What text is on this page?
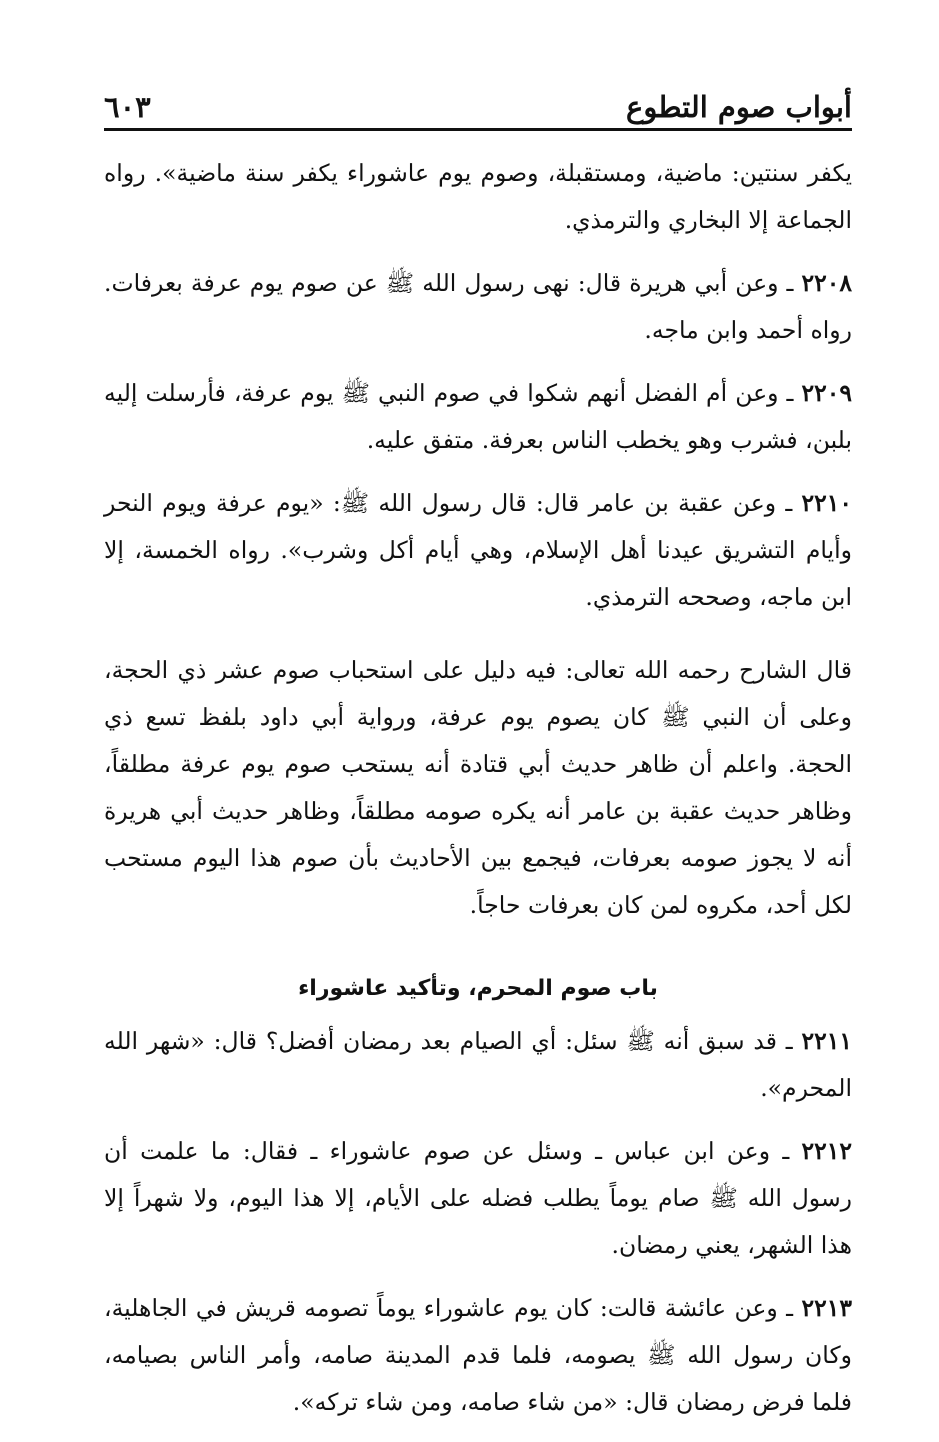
أبواب صوم التطوع
٦٠٣

يكفر سنتين: ماضية، ومستقبلة، وصوم يوم عاشوراء يكفر سنة ماضية». رواه الجماعة إلا البخاري والترمذي.

٢٢٠٨ ـ وعن أبي هريرة قال: نهى رسول الله ﷺ عن صوم يوم عرفة بعرفات. رواه أحمد وابن ماجه.

٢٢٠٩ ـ وعن أم الفضل أنهم شكوا في صوم النبي ﷺ يوم عرفة، فأرسلت إليه بلبن، فشرب وهو يخطب الناس بعرفة. متفق عليه.

٢٢١٠ ـ وعن عقبة بن عامر قال: قال رسول الله ﷺ: «يوم عرفة ويوم النحر وأيام التشريق عيدنا أهل الإسلام، وهي أيام أكل وشرب». رواه الخمسة، إلا ابن ماجه، وصححه الترمذي.

قال الشارح رحمه الله تعالى: فيه دليل على استحباب صوم عشر ذي الحجة، وعلى أن النبي ﷺ كان يصوم يوم عرفة، ورواية أبي داود بلفظ تسع ذي الحجة. واعلم أن ظاهر حديث أبي قتادة أنه يستحب صوم يوم عرفة مطلقاً، وظاهر حديث عقبة بن عامر أنه يكره صومه مطلقاً، وظاهر حديث أبي هريرة أنه لا يجوز صومه بعرفات، فيجمع بين الأحاديث بأن صوم هذا اليوم مستحب لكل أحد، مكروه لمن كان بعرفات حاجاً.

باب صوم المحرم، وتأكيد عاشوراء

٢٢١١ ـ قد سبق أنه ﷺ سئل: أي الصيام بعد رمضان أفضل؟ قال: «شهر الله المحرم».

٢٢١٢ ـ وعن ابن عباس ـ وسئل عن صوم عاشوراء ـ فقال: ما علمت أن رسول الله ﷺ صام يوماً يطلب فضله على الأيام، إلا هذا اليوم، ولا شهراً إلا هذا الشهر، يعني رمضان.

٢٢١٣ ـ وعن عائشة قالت: كان يوم عاشوراء يوماً تصومه قريش في الجاهلية، وكان رسول الله ﷺ يصومه، فلما قدم المدينة صامه، وأمر الناس بصيامه، فلما فرض رمضان قال: «من شاء صامه، ومن شاء تركه».
